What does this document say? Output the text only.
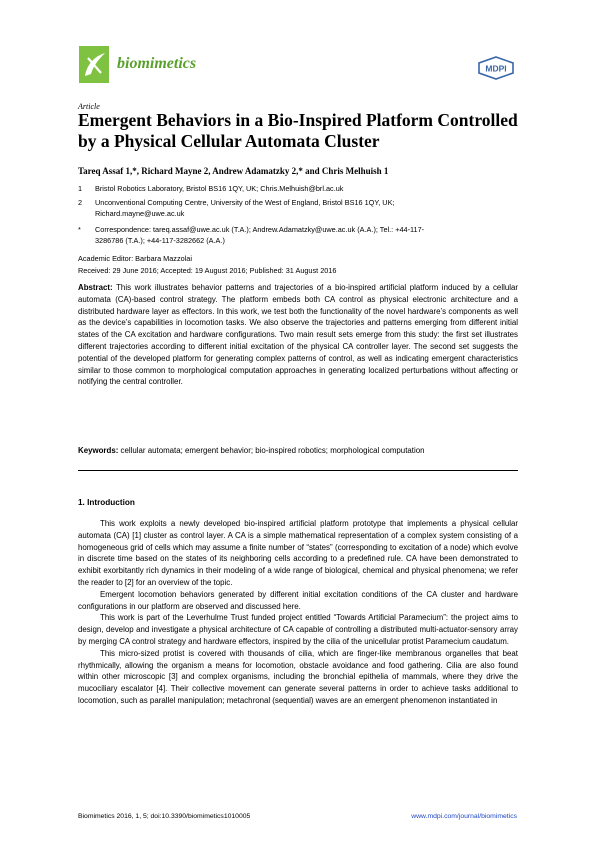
biomimetics	MDPI
Article
Emergent Behaviors in a Bio-Inspired Platform Controlled by a Physical Cellular Automata Cluster
Tareq Assaf 1,*, Richard Mayne 2, Andrew Adamatzky 2,* and Chris Melhuish 1
1 Bristol Robotics Laboratory, Bristol BS16 1QY, UK; Chris.Melhuish@brl.ac.uk
2 Unconventional Computing Centre, University of the West of England, Bristol BS16 1QY, UK; Richard.mayne@uwe.ac.uk
* Correspondence: tareq.assaf@uwe.ac.uk (T.A.); Andrew.Adamatzky@uwe.ac.uk (A.A.); Tel.: +44-117-3286786 (T.A.); +44-117-3282662 (A.A.)
Academic Editor: Barbara Mazzolai
Received: 29 June 2016; Accepted: 19 August 2016; Published: 31 August 2016
Abstract: This work illustrates behavior patterns and trajectories of a bio-inspired artificial platform induced by a cellular automata (CA)-based control strategy. The platform embeds both CA control as physical electronic architecture and a distributed hardware layer as effectors. In this work, we test both the functionality of the novel hardware’s components as well as the device’s capabilities in locomotion tasks. We also observe the trajectories and patterns emerging from different initial states of the CA excitation and hardware configurations. Two main result sets emerge from this study: the first set illustrates different trajectories according to different initial excitation of the physical CA controller layer. The second set suggests the potential of the developed platform for generating complex patterns of control, as well as indicating emergent characteristics similar to those common to morphological computation approaches in generating localized perturbations without affecting or notifying the central controller.
Keywords: cellular automata; emergent behavior; bio-inspired robotics; morphological computation
1. Introduction

This work exploits a newly developed bio-inspired artificial platform prototype that implements a physical cellular automata (CA) [1] cluster as control layer. A CA is a simple mathematical representation of a complex system consisting of a homogeneous grid of cells which may assume a finite number of “states” (corresponding to excitation of a node) which evolve in discrete time based on the states of its neighboring cells according to a predefined rule. CA have been demonstrated to exhibit exorbitantly rich dynamics in their modeling of a wide range of biological, chemical and physical phenomena; we refer the reader to [2] for an overview of the topic.

Emergent locomotion behaviors generated by different initial excitation conditions of the CA cluster and hardware configurations in our platform are observed and discussed here.

This work is part of the Leverhulme Trust funded project entitled “Towards Artificial Paramecium”: the project aims to design, develop and investigate a physical architecture of CA capable of controlling a distributed multi-actuator-sensory array by merging CA control strategy and hardware effectors, inspired by the cilia of the unicellular protist Paramecium caudatum.

This micro-sized protist is covered with thousands of cilia, which are finger-like membranous organelles that beat rhythmically, allowing the organism a means for locomotion, obstacle avoidance and food gathering. Cilia are also found within other microscopic [3] and complex organisms, including the bronchial epithelia of mammals, where they drive the mucociliary escalator [4]. Their collective movement can generate several patterns in order to achieve tasks additional to locomotion, such as parallel manipulation; metachronal (sequential) waves are an emergent phenomenon instantiated in

Biomimetics 2016, 1, 5; doi:10.3390/biomimetics1010005	www.mdpi.com/journal/biomimetics
